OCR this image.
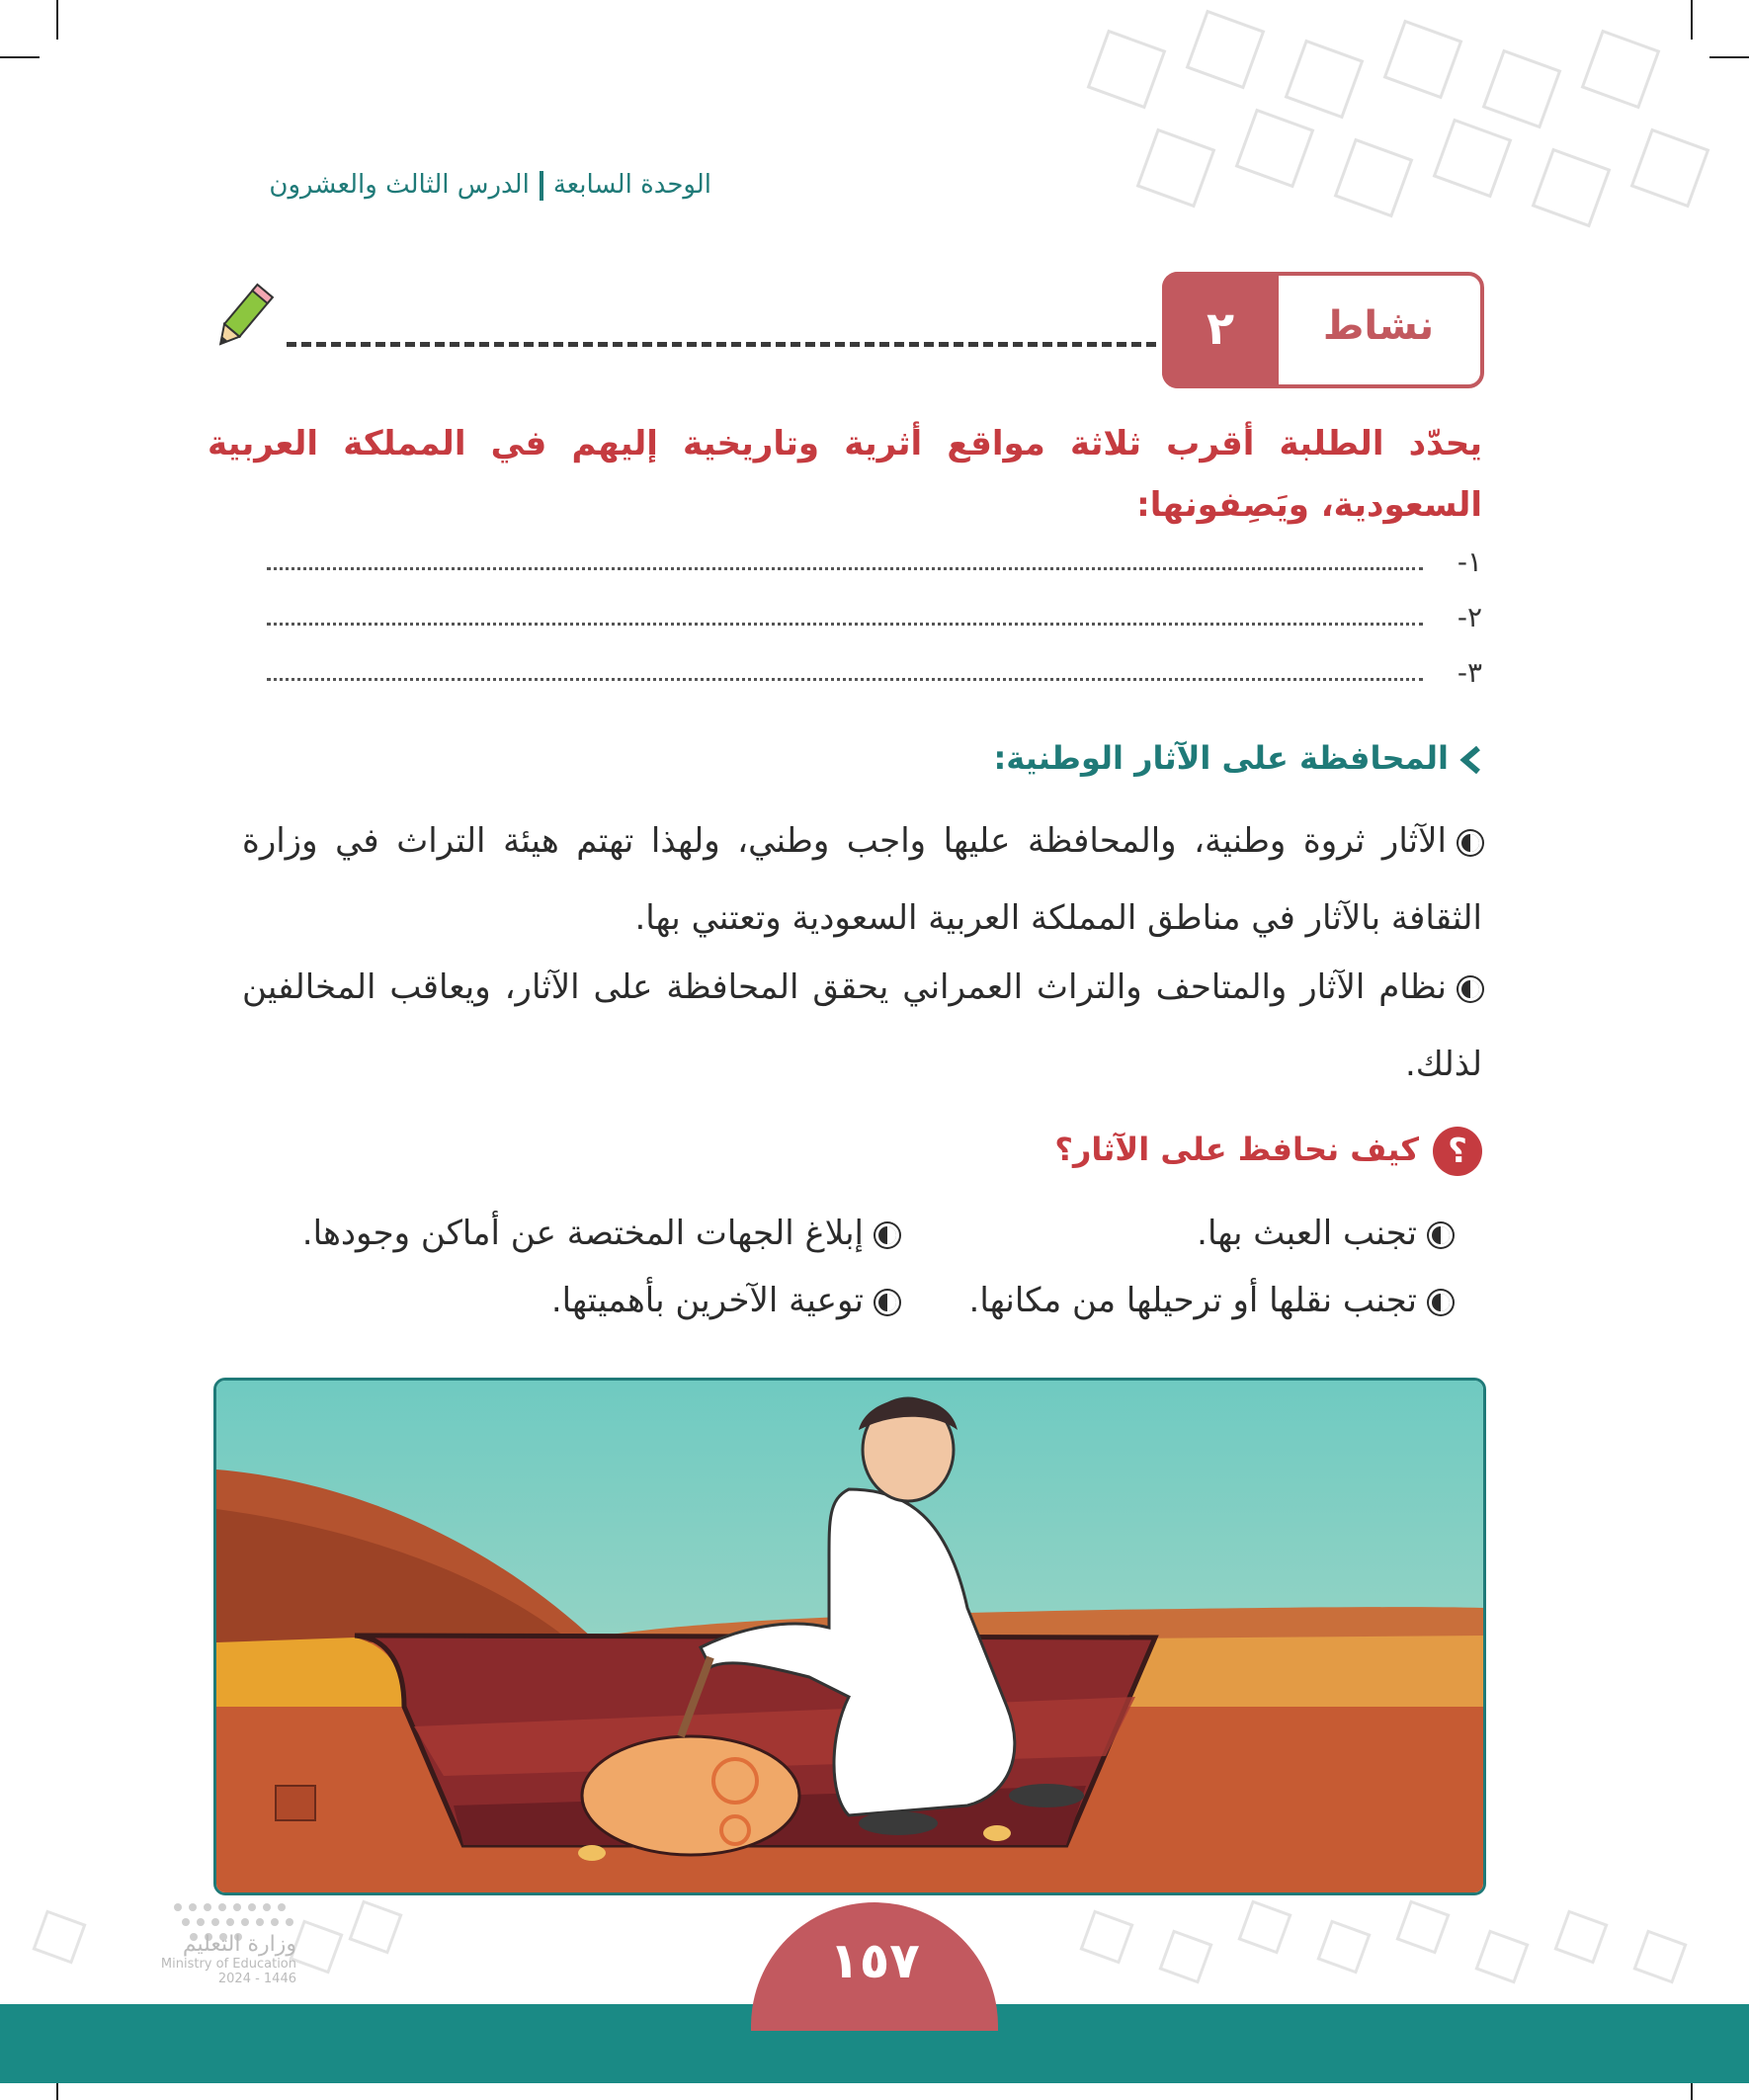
الوحدة السابعةالدرس الثالث والعشرون
٢	نشاط
يحدّد الطلبة أقرب ثلاثة مواقع أثرية وتاريخية إليهم في المملكة العربية السعودية، ويَصِفونها:
١-
٢-
٣-
المحافظة على الآثار الوطنية:
الآثار ثروة وطنية، والمحافظة عليها واجب وطني، ولهذا تهتم هيئة التراث في وزارة الثقافة بالآثار في مناطق المملكة العربية السعودية وتعتني بها.
نظام الآثار والمتاحف والتراث العمراني يحقق المحافظة على الآثار، ويعاقب المخالفين لذلك.
؟كيف نحافظ على الآثار؟
تجنب العبث بها.
إبلاغ الجهات المختصة عن أماكن وجودها.
تجنب نقلها أو ترحيلها من مكانها.
توعية الآخرين بأهميتها.
١٥٧
وزارة التعليم
Ministry of Education
2024 - 1446
